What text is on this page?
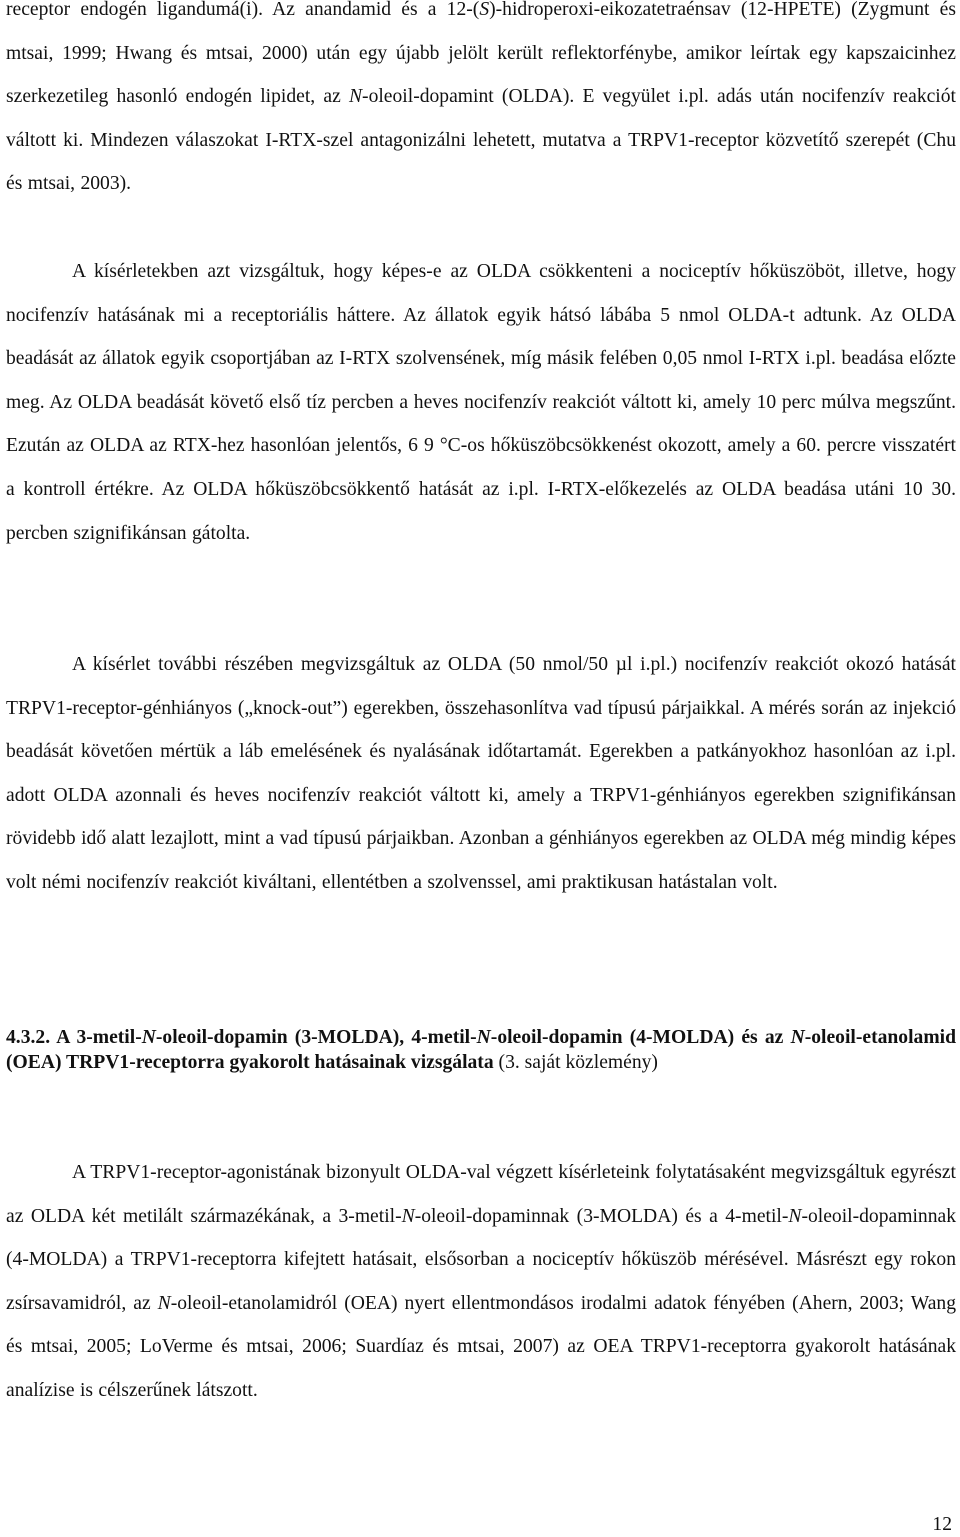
receptor endogén ligandumá(i). Az anandamid és a 12-(S)-hidroperoxi-eikozatetraénsav (12-HPETE) (Zygmunt és mtsai, 1999; Hwang és mtsai, 2000) után egy újabb jelölt került reflektorfénybe, amikor leírtak egy kapszaicinhez szerkezetileg hasonló endogén lipidet, az N-oleoil-dopamint (OLDA). E vegyület i.pl. adás után nocifenzív reakciót váltott ki. Mindezen válaszokat I-RTX-szel antagonizálni lehetett, mutatva a TRPV1-receptor közvetítő szerepét (Chu és mtsai, 2003).

A kísérletekben azt vizsgáltuk, hogy képes-e az OLDA csökkenteni a nociceptív hőküszöböt, illetve, hogy nocifenzív hatásának mi a receptoriális háttere. Az állatok egyik hátsó lábába 5 nmol OLDA-t adtunk. Az OLDA beadását az állatok egyik csoportjában az I-RTX szolvensének, míg másik felében 0,05 nmol I-RTX i.pl. beadása előzte meg. Az OLDA beadását követő első tíz percben a heves nocifenzív reakciót váltott ki, amely 10 perc múlva megszűnt. Ezután az OLDA az RTX-hez hasonlóan jelentős, 6 9 °C-os hőküszöbcsökkenést okozott, amely a 60. percre visszatért a kontroll értékre. Az OLDA hőküszöbcsökkentő hatását az i.pl. I-RTX-előkezelés az OLDA beadása utáni 10 30. percben szignifikánsan gátolta.

A kísérlet további részében megvizsgáltuk az OLDA (50 nmol/50 µl i.pl.) nocifenzív reakciót okozó hatását TRPV1-receptor-génhiányos („knock-out”) egerekben, összehasonlítva vad típusú párjaikkal. A mérés során az injekció beadását követően mértük a láb emelésének és nyalásának időtartamát. Egerekben a patkányokhoz hasonlóan az i.pl. adott OLDA azonnali és heves nocifenzív reakciót váltott ki, amely a TRPV1-génhiányos egerekben szignifikánsan rövidebb idő alatt lezajlott, mint a vad típusú párjaikban. Azonban a génhiányos egerekben az OLDA még mindig képes volt némi nocifenzív reakciót kiváltani, ellentétben a szolvenssel, ami praktikusan hatástalan volt.

4.3.2. A 3-metil-N-oleoil-dopamin (3-MOLDA), 4-metil-N-oleoil-dopamin (4-MOLDA) és az N-oleoil-etanolamid (OEA) TRPV1-receptorra gyakorolt hatásainak vizsgálata (3. saját közlemény)

A TRPV1-receptor-agonistának bizonyult OLDA-val végzett kísérleteink folytatásaként megvizsgáltuk egyrészt az OLDA két metilált származékának, a 3-metil-N-oleoil-dopaminnak (3-MOLDA) és a 4-metil-N-oleoil-dopaminnak (4-MOLDA) a TRPV1-receptorra kifejtett hatásait, elsősorban a nociceptív hőküszöb mérésével. Másrészt egy rokon zsírsavamidról, az N-oleoil-etanolamidról (OEA) nyert ellentmondásos irodalmi adatok fényében (Ahern, 2003; Wang és mtsai, 2005; LoVerme és mtsai, 2006; Suardíaz és mtsai, 2007) az OEA TRPV1-receptorra gyakorolt hatásának analízise is célszerűnek látszott.

12
